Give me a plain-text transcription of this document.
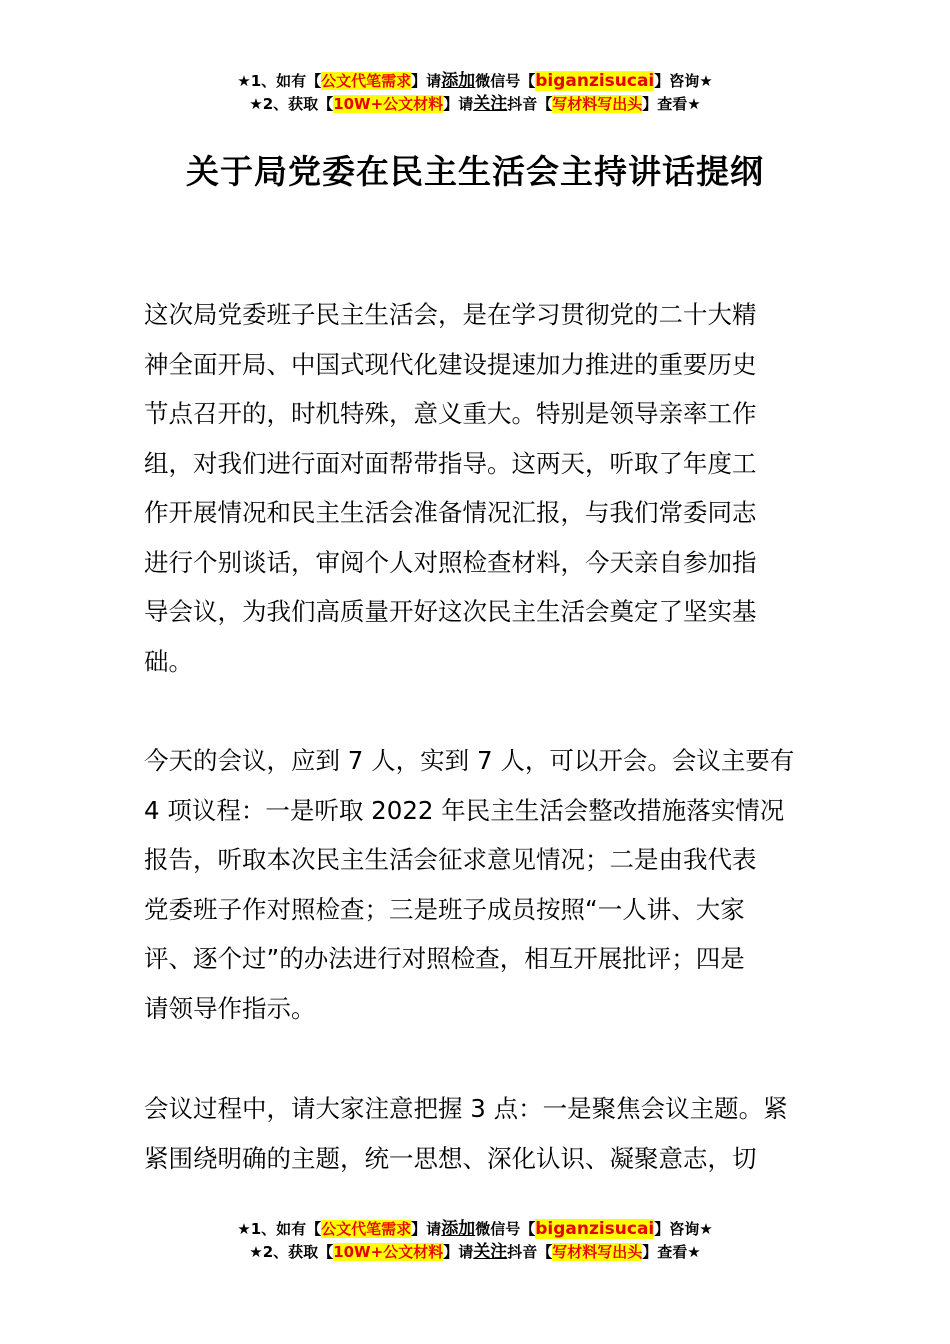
★1、如有【公文代笔需求】请添加微信号【biganzisucai】咨询★
★2、获取【10W+公文材料】请关注抖音【写材料写出头】查看★
关于局党委在民主生活会主持讲话提纲
这次局党委班子民主生活会，是在学习贯彻党的二十大精
神全面开局、中国式现代化建设提速加力推进的重要历史
节点召开的，时机特殊，意义重大。特别是领导亲率工作
组，对我们进行面对面帮带指导。这两天，听取了年度工
作开展情况和民主生活会准备情况汇报，与我们常委同志
进行个别谈话，审阅个人对照检查材料，今天亲自参加指
导会议，为我们高质量开好这次民主生活会奠定了坚实基
础。
今天的会议，应到 7 人，实到 7 人，可以开会。会议主要有
4 项议程：一是听取 2022 年民主生活会整改措施落实情况
报告，听取本次民主生活会征求意见情况；二是由我代表
党委班子作对照检查；三是班子成员按照“一人讲、大家
评、逐个过”的办法进行对照检查，相互开展批评；四是
请领导作指示。
会议过程中，请大家注意把握 3 点：一是聚焦会议主题。紧
紧围绕明确的主题，统一思想、深化认识、凝聚意志，切
★1、如有【公文代笔需求】请添加微信号【biganzisucai】咨询★
★2、获取【10W+公文材料】请关注抖音【写材料写出头】查看★
